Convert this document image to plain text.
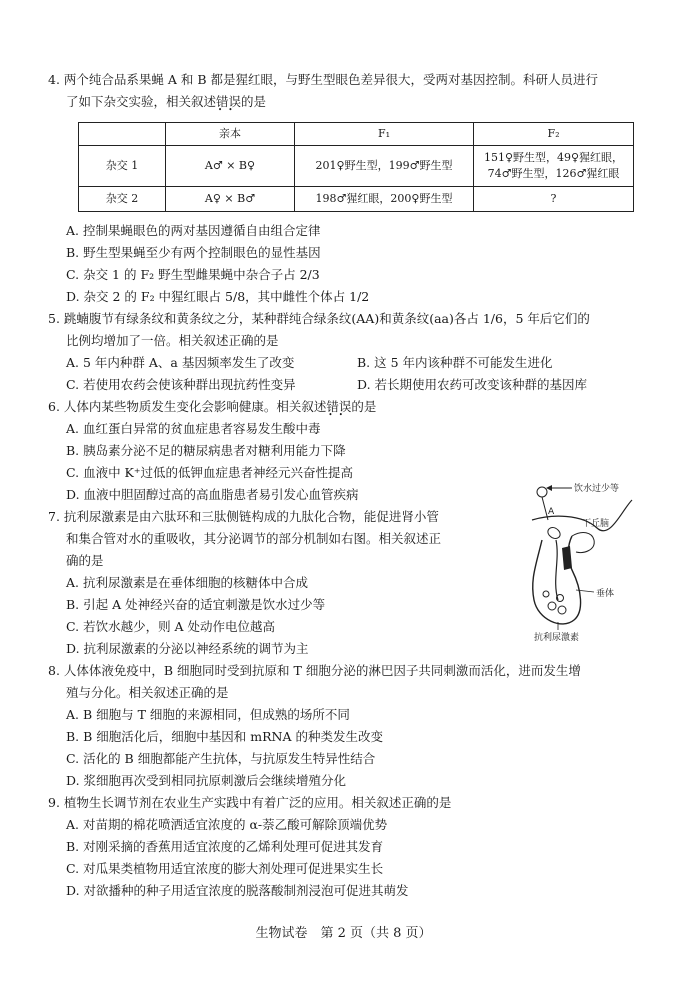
4. 两个纯合品系果蝇 A 和 B 都是猩红眼，与野生型眼色差异很大，受两对基因控制。科研人员进行
了如下杂交实验，相关叙述错误 • •的是
	亲本	F₁	F₂
杂交 1	A♂ × B♀	201♀野生型，199♂野生型	151♀野生型，49♀猩红眼，
74♂野生型，126♂猩红眼

杂交 2	A♀ × B♂	198♂猩红眼，200♀野生型	?
A. 控制果蝇眼色的两对基因遵循自由组合定律
B. 野生型果蝇至少有两个控制眼色的显性基因
C. 杂交 1 的 F₂ 野生型雌果蝇中杂合子占 2/3
D. 杂交 2 的 F₂ 中猩红眼占 5/8，其中雌性个体占 1/2
5. 跳蝻腹节有绿条纹和黄条纹之分，某种群纯合绿条纹(AA)和黄条纹(aa)各占 1/6，5 年后它们的
比例均增加了一倍。相关叙述正确的是
A. 5 年内种群 A、a 基因频率发生了改变	B. 这 5 年内该种群不可能发生进化
C. 若使用农药会使该种群出现抗药性变异	D. 若长期使用农药可改变该种群的基因库
6. 人体内某些物质发生变化会影响健康。相关叙述错误 • •的是
A. 血红蛋白异常的贫血症患者容易发生酸中毒
B. 胰岛素分泌不足的糖尿病患者对糖利用能力下降
C. 血液中 K⁺过低的低钾血症患者神经元兴奋性提高
D. 血液中胆固醇过高的高血脂患者易引发心血管疾病
7. 抗利尿激素是由六肽环和三肽侧链构成的九肽化合物，能促进肾小管
和集合管对水的重吸收，其分泌调节的部分机制如右图。相关叙述正
确的是
A. 抗利尿激素是在垂体细胞的核糖体中合成
B. 引起 A 处神经兴奋的适宜刺激是饮水过少等
C. 若饮水越少，则 A 处动作电位越高
D. 抗利尿激素的分泌以神经系统的调节为主
饮水过少等
A
下丘脑
垂体
抗利尿激素
8. 人体体液免疫中，B 细胞同时受到抗原和 T 细胞分泌的淋巴因子共同刺激而活化，进而发生增
殖与分化。相关叙述正确的是
A. B 细胞与 T 细胞的来源相同，但成熟的场所不同
B. B 细胞活化后，细胞中基因和 mRNA 的种类发生改变
C. 活化的 B 细胞都能产生抗体，与抗原发生特异性结合
D. 浆细胞再次受到相同抗原刺激后会继续增殖分化
9. 植物生长调节剂在农业生产实践中有着广泛的应用。相关叙述正确的是
A. 对苗期的棉花喷洒适宜浓度的 α-萘乙酸可解除顶端优势
B. 对刚采摘的香蕉用适宜浓度的乙烯利处理可促进其发育
C. 对瓜果类植物用适宜浓度的膨大剂处理可促进果实生长
D. 对欲播种的种子用适宜浓度的脱落酸制剂浸泡可促进其萌发
生物试卷　第 2 页（共 8 页）
